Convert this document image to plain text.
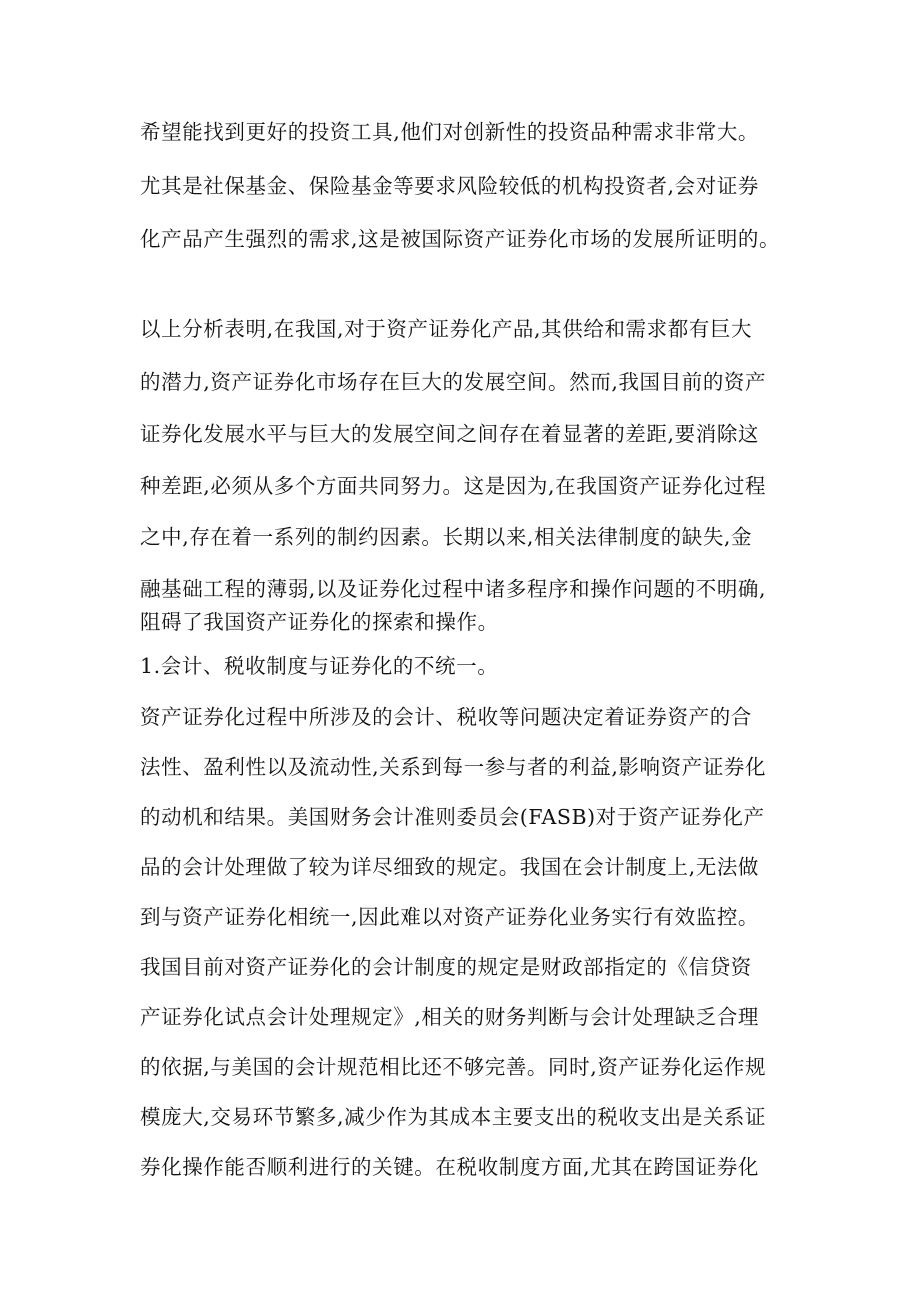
希望能找到更好的投资工具,他们对创新性的投资品种需求非常大。

尤其是社保基金、保险基金等要求风险较低的机构投资者,会对证券

化产品产生强烈的需求,这是被国际资产证券化市场的发展所证明的。

以上分析表明,在我国,对于资产证券化产品,其供给和需求都有巨大

的潜力,资产证券化市场存在巨大的发展空间。然而,我国目前的资产

证券化发展水平与巨大的发展空间之间存在着显著的差距,要消除这

种差距,必须从多个方面共同努力。这是因为,在我国资产证券化过程

之中,存在着一系列的制约因素。长期以来,相关法律制度的缺失,金

融基础工程的薄弱,以及证券化过程中诸多程序和操作问题的不明确,

阻碍了我国资产证券化的探索和操作。

1.会计、税收制度与证券化的不统一。

资产证券化过程中所涉及的会计、税收等问题决定着证券资产的合

法性、盈利性以及流动性,关系到每一参与者的利益,影响资产证券化

的动机和结果。美国财务会计准则委员会(FASB)对于资产证券化产

品的会计处理做了较为详尽细致的规定。我国在会计制度上,无法做

到与资产证券化相统一,因此难以对资产证券化业务实行有效监控。

我国目前对资产证券化的会计制度的规定是财政部指定的《信贷资

产证券化试点会计处理规定》,相关的财务判断与会计处理缺乏合理

的依据,与美国的会计规范相比还不够完善。同时,资产证券化运作规

模庞大,交易环节繁多,减少作为其成本主要支出的税收支出是关系证

券化操作能否顺利进行的关键。在税收制度方面,尤其在跨国证券化
